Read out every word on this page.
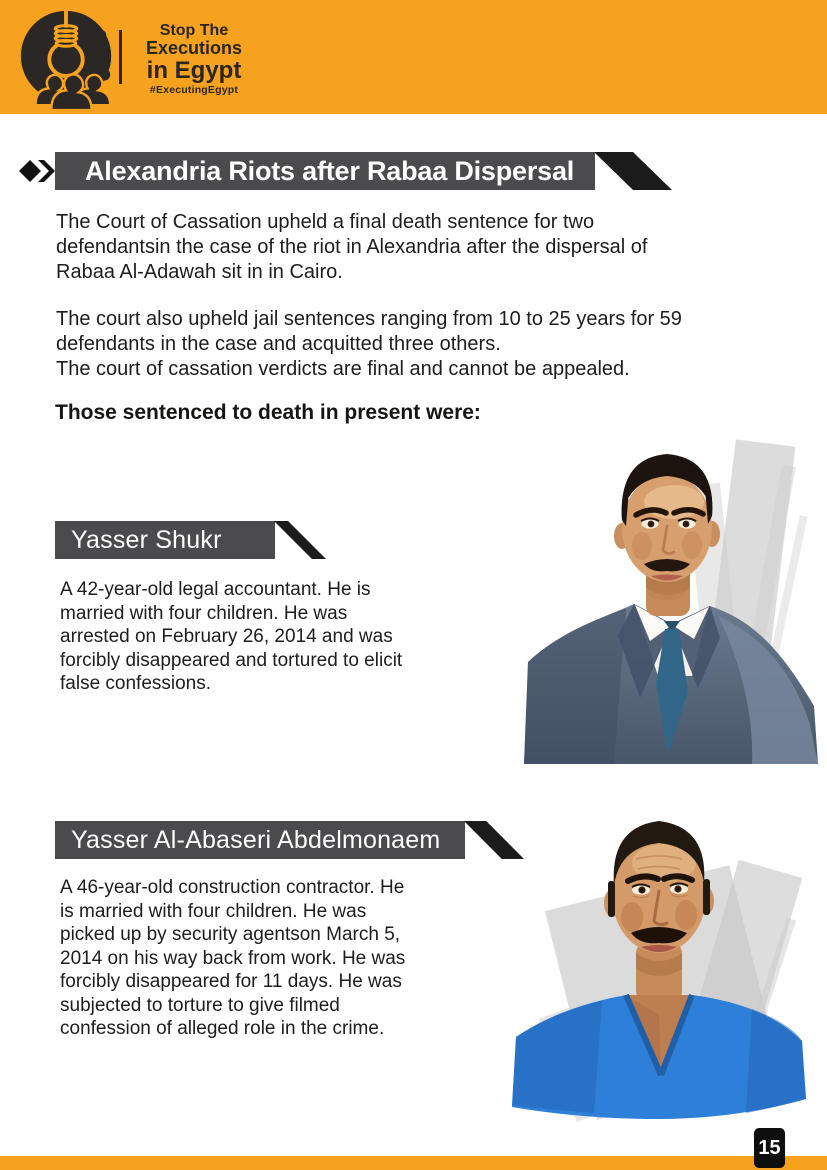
Stop The
Executions
in Egypt
#ExecutingEgypt
Alexandria Riots after Rabaa Dispersal
The Court of Cassation upheld a final death sentence for two
defendantsin the case of the riot in Alexandria after the dispersal of
Rabaa Al-Adawah sit in in Cairo.
The court also upheld jail sentences ranging from 10 to 25 years for 59
defendants in the case and acquitted three others.
The court of cassation verdicts are final and cannot be appealed.
Those sentenced to death in present were:
Yasser Shukr
A 42-year-old legal accountant. He is
married with four children. He was
arrested on February 26, 2014 and was
forcibly disappeared and tortured to elicit
false confessions.
Yasser Al-Abaseri Abdelmonaem
A 46-year-old construction contractor. He
is married with four children. He was
picked up by security agentson March 5,
2014 on his way back from work. He was
forcibly disappeared for 11 days. He was
subjected to torture to give filmed
confession of alleged role in the crime.
15
